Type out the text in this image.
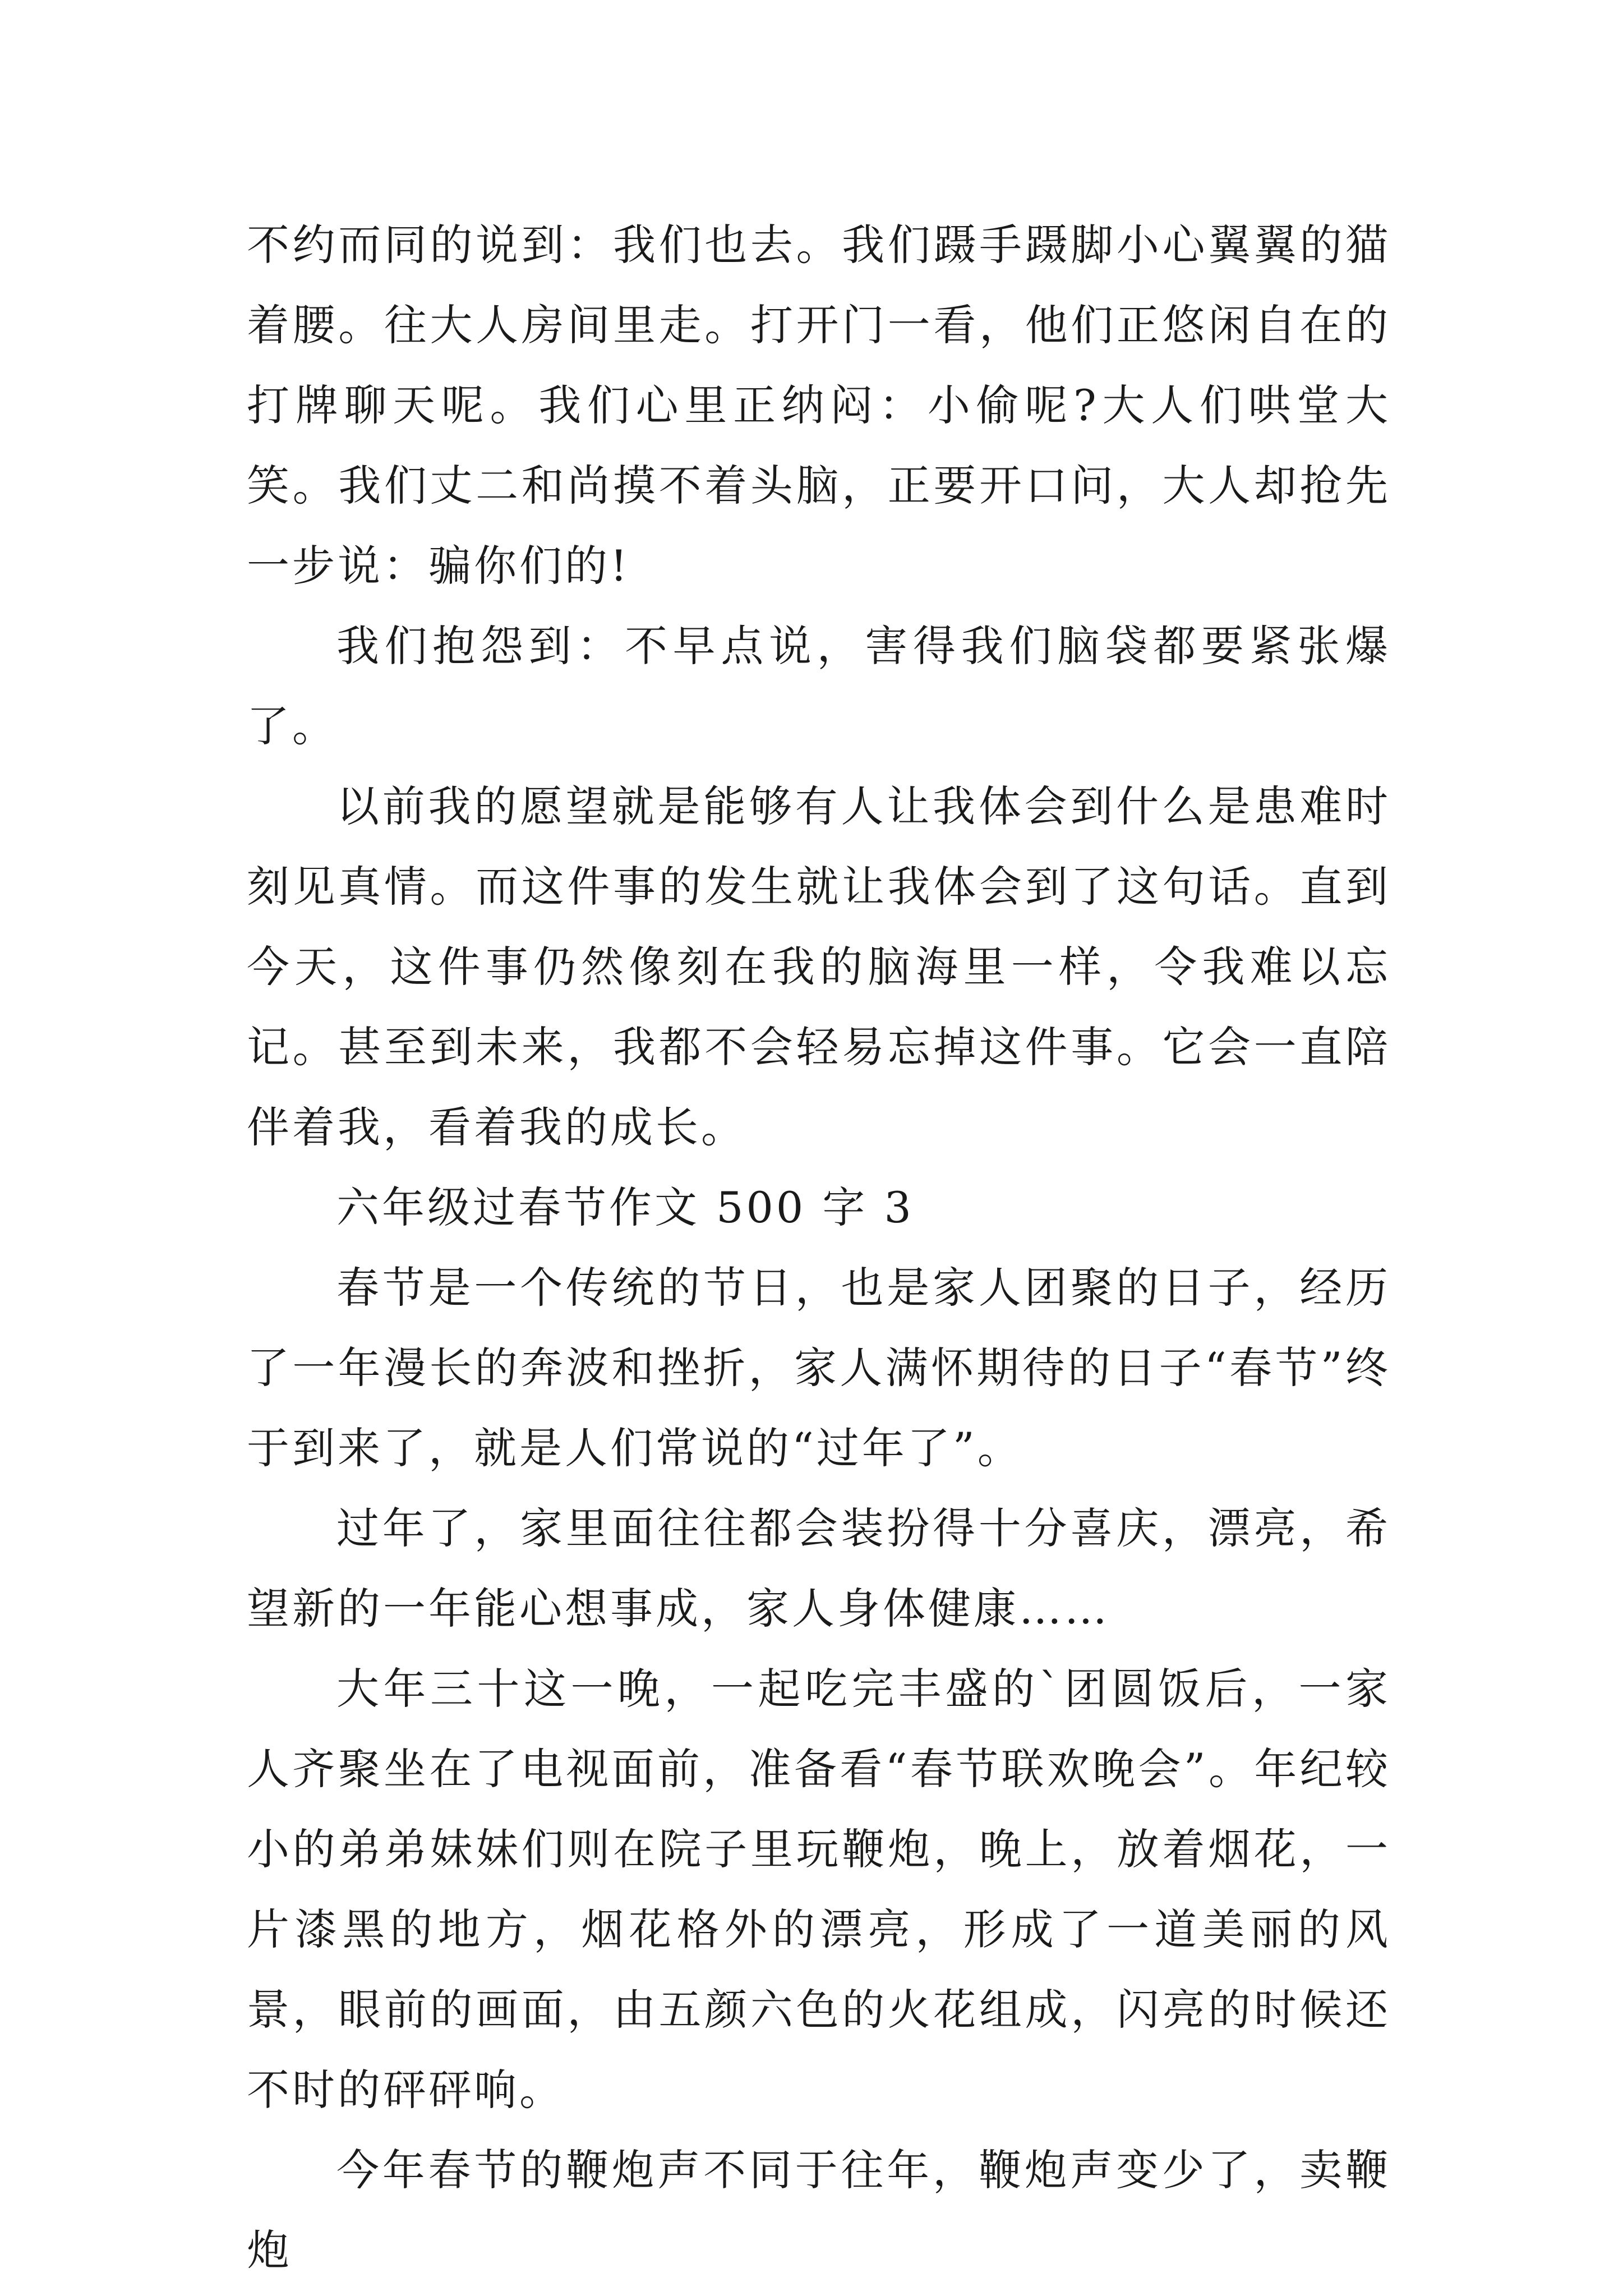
不约而同的说到：我们也去。我们蹑手蹑脚小心翼翼的猫着腰。往大人房间里走。打开门一看，他们正悠闲自在的打牌聊天呢。我们心里正纳闷：小偷呢?大人们哄堂大笑。我们丈二和尚摸不着头脑，正要开口问，大人却抢先一步说：骗你们的!

我们抱怨到：不早点说，害得我们脑袋都要紧张爆了。

以前我的愿望就是能够有人让我体会到什么是患难时刻见真情。而这件事的发生就让我体会到了这句话。直到今天，这件事仍然像刻在我的脑海里一样，令我难以忘记。甚至到未来，我都不会轻易忘掉这件事。它会一直陪伴着我，看着我的成长。

六年级过春节作文 500 字 3

春节是一个传统的节日，也是家人团聚的日子，经历了一年漫长的奔波和挫折，家人满怀期待的日子“春节”终于到来了，就是人们常说的“过年了”。

过年了，家里面往往都会装扮得十分喜庆，漂亮，希望新的一年能心想事成，家人身体健康……

大年三十这一晚，一起吃完丰盛的`团圆饭后，一家人齐聚坐在了电视面前，准备看“春节联欢晚会”。年纪较小的弟弟妹妹们则在院子里玩鞭炮，晚上，放着烟花，一片漆黑的地方，烟花格外的漂亮，形成了一道美丽的风景，眼前的画面，由五颜六色的火花组成，闪亮的时候还不时的砰砰响。

今年春节的鞭炮声不同于往年，鞭炮声变少了，卖鞭炮
